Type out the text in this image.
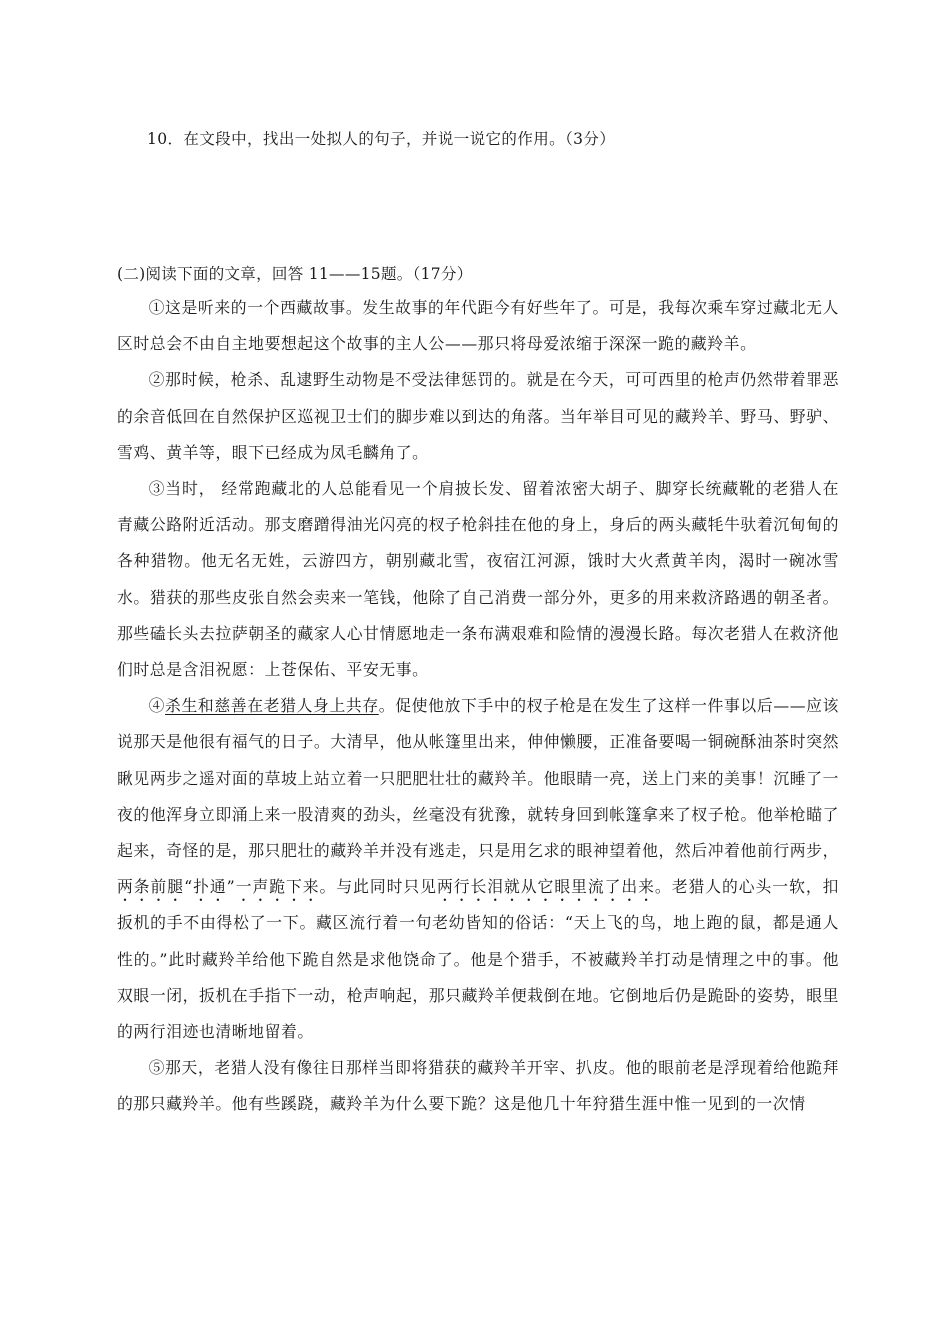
10．在文段中，找出一处拟人的句子，并说一说它的作用。（3分）
(二)阅读下面的文章，回答 11——15题。（17分）

①这是听来的一个西藏故事。发生故事的年代距今有好些年了。可是，我每次乘车穿过藏北无人区时总会不由自主地要想起这个故事的主人公——那只将母爱浓缩于深深一跪的藏羚羊。

②那时候，枪杀、乱逮野生动物是不受法律惩罚的。就是在今天，可可西里的枪声仍然带着罪恶的余音低回在自然保护区巡视卫士们的脚步难以到达的角落。当年举目可见的藏羚羊、野马、野驴、雪鸡、黄羊等，眼下已经成为凤毛麟角了。

③当时， 经常跑藏北的人总能看见一个肩披长发、留着浓密大胡子、脚穿长统藏靴的老猎人在青藏公路附近活动。那支磨蹭得油光闪亮的杈子枪斜挂在他的身上，身后的两头藏牦牛驮着沉甸甸的各种猎物。他无名无姓，云游四方，朝别藏北雪，夜宿江河源，饿时大火煮黄羊肉，渴时一碗冰雪水。猎获的那些皮张自然会卖来一笔钱，他除了自己消费一部分外，更多的用来救济路遇的朝圣者。那些磕长头去拉萨朝圣的藏家人心甘情愿地走一条布满艰难和险情的漫漫长路。每次老猎人在救济他们时总是含泪祝愿：上苍保佑、平安无事。

④杀生和慈善在老猎人身上共存。促使他放下手中的杈子枪是在发生了这样一件事以后——应该说那天是他很有福气的日子。大清早，他从帐篷里出来，伸伸懒腰，正准备要喝一铜碗酥油茶时突然瞅见两步之遥对面的草坡上站立着一只肥肥壮壮的藏羚羊。他眼睛一亮，送上门来的美事！沉睡了一夜的他浑身立即涌上来一股清爽的劲头，丝毫没有犹豫，就转身回到帐篷拿来了杈子枪。他举枪瞄了起来，奇怪的是，那只肥壮的藏羚羊并没有逃走，只是用乞求的眼神望着他，然后冲着他前行两步，两条前腿“扑通”一声跪下来。与此同时只见两行长泪就从它眼里流了出来。老猎人的心头一软，扣扳机的手不由得松了一下。藏区流行着一句老幼皆知的俗话：“天上飞的鸟，地上跑的鼠，都是通人性的。”此时藏羚羊给他下跪自然是求他饶命了。他是个猎手，不被藏羚羊打动是情理之中的事。他双眼一闭，扳机在手指下一动，枪声响起，那只藏羚羊便栽倒在地。它倒地后仍是跪卧的姿势，眼里的两行泪迹也清晰地留着。

⑤那天，老猎人没有像往日那样当即将猎获的藏羚羊开宰、扒皮。他的眼前老是浮现着给他跪拜的那只藏羚羊。他有些蹊跷，藏羚羊为什么要下跪？这是他几十年狩猎生涯中惟一见到的一次情
